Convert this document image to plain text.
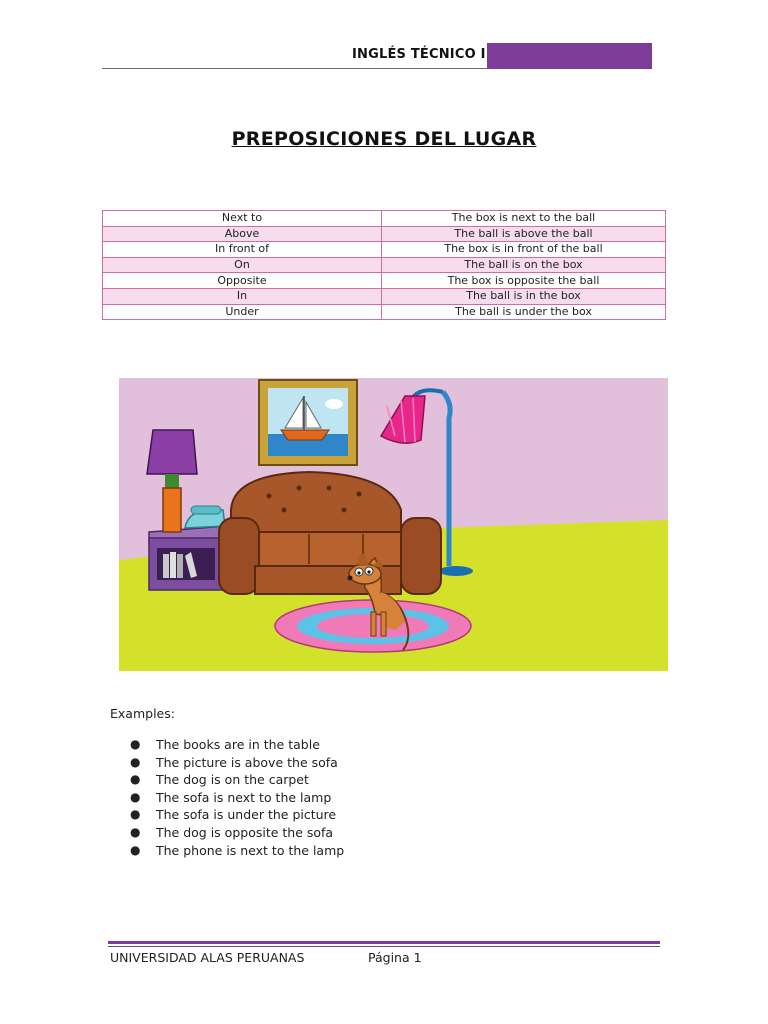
INGLÉS TÉCNICO I
PREPOSICIONES DEL LUGAR
Next to	The box is next to the ball
Above	The ball is above the ball
In front of	The box is in front of the ball
On	The ball is on the box
Opposite	The box is opposite the ball
In	The ball is in the box
Under	The ball is under the box
Examples:
● The books are in the table
● The picture is above the sofa
● The dog is on the carpet
● The sofa is next to the lamp
● The sofa is under the picture
● The dog is opposite the sofa
● The phone is next to the lamp
UNIVERSIDAD ALAS PERUANAS	Página 1
